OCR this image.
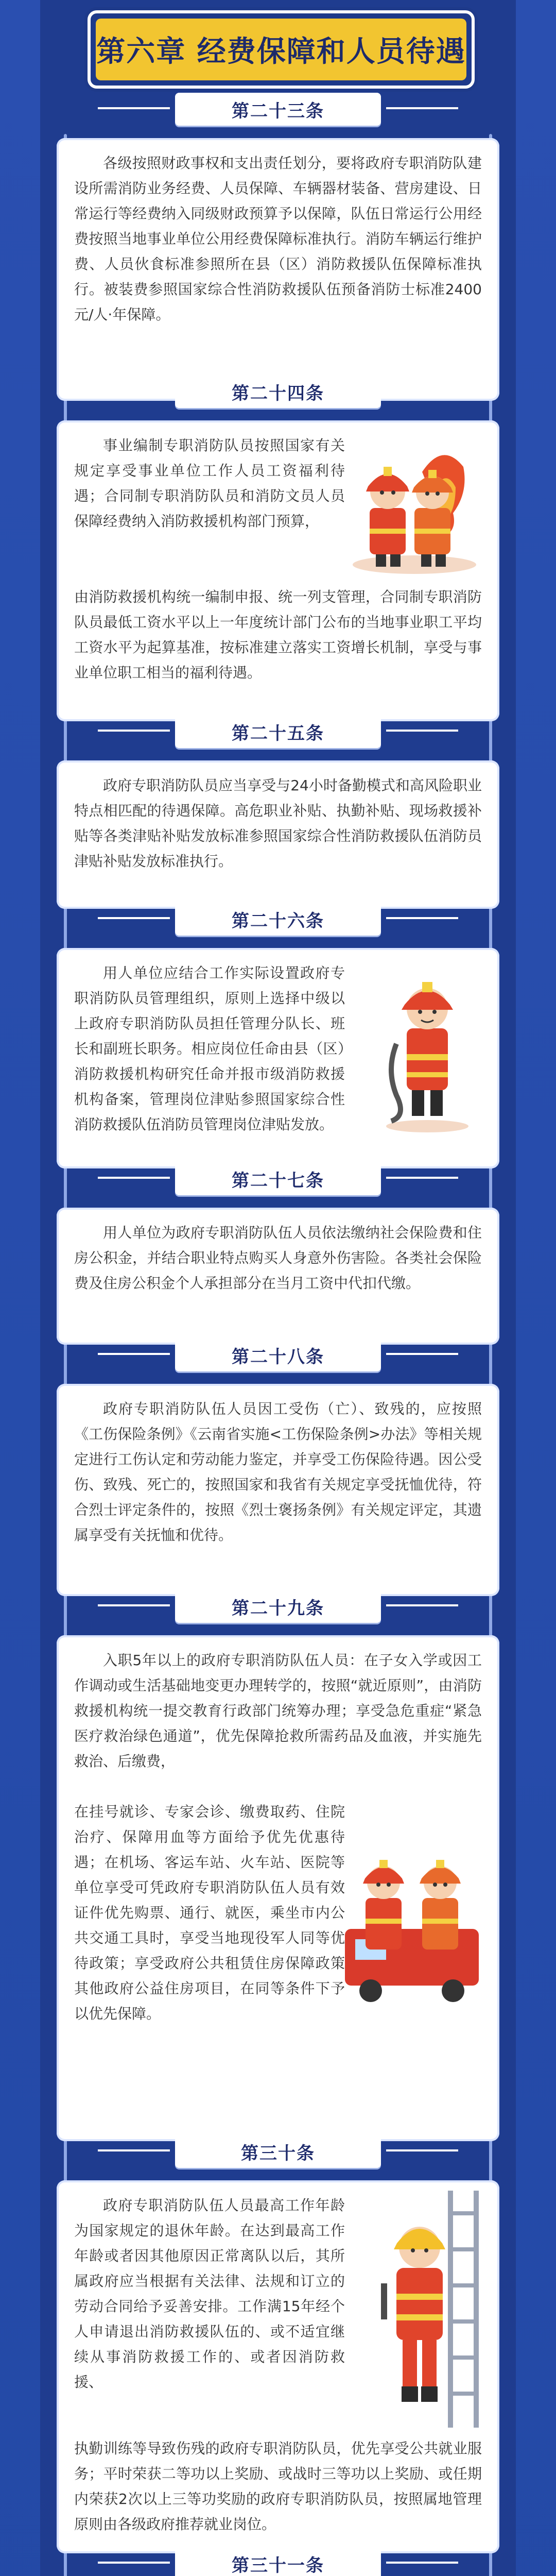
第六章 经费保障和人员待遇
第二十三条
各级按照财政事权和支出责任划分，要将政府专职消防队建设所需消防业务经费、人员保障、车辆器材装备、营房建设、日常运行等经费纳入同级财政预算予以保障，队伍日常运行公用经费按照当地事业单位公用经费保障标准执行。消防车辆运行维护费、人员伙食标准参照所在县（区）消防救援队伍保障标准执行。被装费参照国家综合性消防救援队伍预备消防士标准2400元/人·年保障。
第二十四条
事业编制专职消防队员按照国家有关规定享受事业单位工作人员工资福利待遇；合同制专职消防队员和消防文员人员保障经费纳入消防救援机构部门预算，
由消防救援机构统一编制申报、统一列支管理，合同制专职消防队员最低工资水平以上一年度统计部门公布的当地事业职工平均工资水平为起算基准，按标准建立落实工资增长机制，享受与事业单位职工相当的福利待遇。
第二十五条
政府专职消防队员应当享受与24小时备勤模式和高风险职业特点相匹配的待遇保障。高危职业补贴、执勤补贴、现场救援补贴等各类津贴补贴发放标准参照国家综合性消防救援队伍消防员津贴补贴发放标准执行。
第二十六条
用人单位应结合工作实际设置政府专职消防队员管理组织，原则上选择中级以上政府专职消防队员担任管理分队长、班长和副班长职务。相应岗位任命由县（区）消防救援机构研究任命并报市级消防救援机构备案，管理岗位津贴参照国家综合性消防救援队伍消防员管理岗位津贴发放。
第二十七条
用人单位为政府专职消防队伍人员依法缴纳社会保险费和住房公积金，并结合职业特点购买人身意外伤害险。各类社会保险费及住房公积金个人承担部分在当月工资中代扣代缴。
第二十八条
政府专职消防队伍人员因工受伤（亡）、致残的，应按照《工伤保险条例》《云南省实施<工伤保险条例>办法》等相关规定进行工伤认定和劳动能力鉴定，并享受工伤保险待遇。因公受伤、致残、死亡的，按照国家和我省有关规定享受抚恤优待，符合烈士评定条件的，按照《烈士褒扬条例》有关规定评定，其遗属享受有关抚恤和优待。
第二十九条
入职5年以上的政府专职消防队伍人员：在子女入学或因工作调动或生活基础地变更办理转学的，按照“就近原则”，由消防救援机构统一提交教育行政部门统筹办理；享受急危重症“紧急医疗救治绿色通道”，优先保障抢救所需药品及血液，并实施先救治、后缴费，
在挂号就诊、专家会诊、缴费取药、住院治疗、保障用血等方面给予优先优惠待遇；在机场、客运车站、火车站、医院等单位享受可凭政府专职消防队伍人员有效证件优先购票、通行、就医，乘坐市内公共交通工具时，享受当地现役军人同等优待政策；享受政府公共租赁住房保障政策其他政府公益住房项目，在同等条件下予以优先保障。
第三十条
政府专职消防队伍人员最高工作年龄为国家规定的退休年龄。在达到最高工作年龄或者因其他原因正常离队以后，其所属政府应当根据有关法律、法规和订立的劳动合同给予妥善安排。工作满15年经个人申请退出消防救援队伍的、或不适宜继续从事消防救援工作的、或者因消防救援、
执勤训练等导致伤残的政府专职消防队员，优先享受公共就业服务；平时荣获二等功以上奖励、或战时三等功以上奖励、或任期内荣获2次以上三等功奖励的政府专职消防队员，按照属地管理原则由各级政府推荐就业岗位。
第三十一条
